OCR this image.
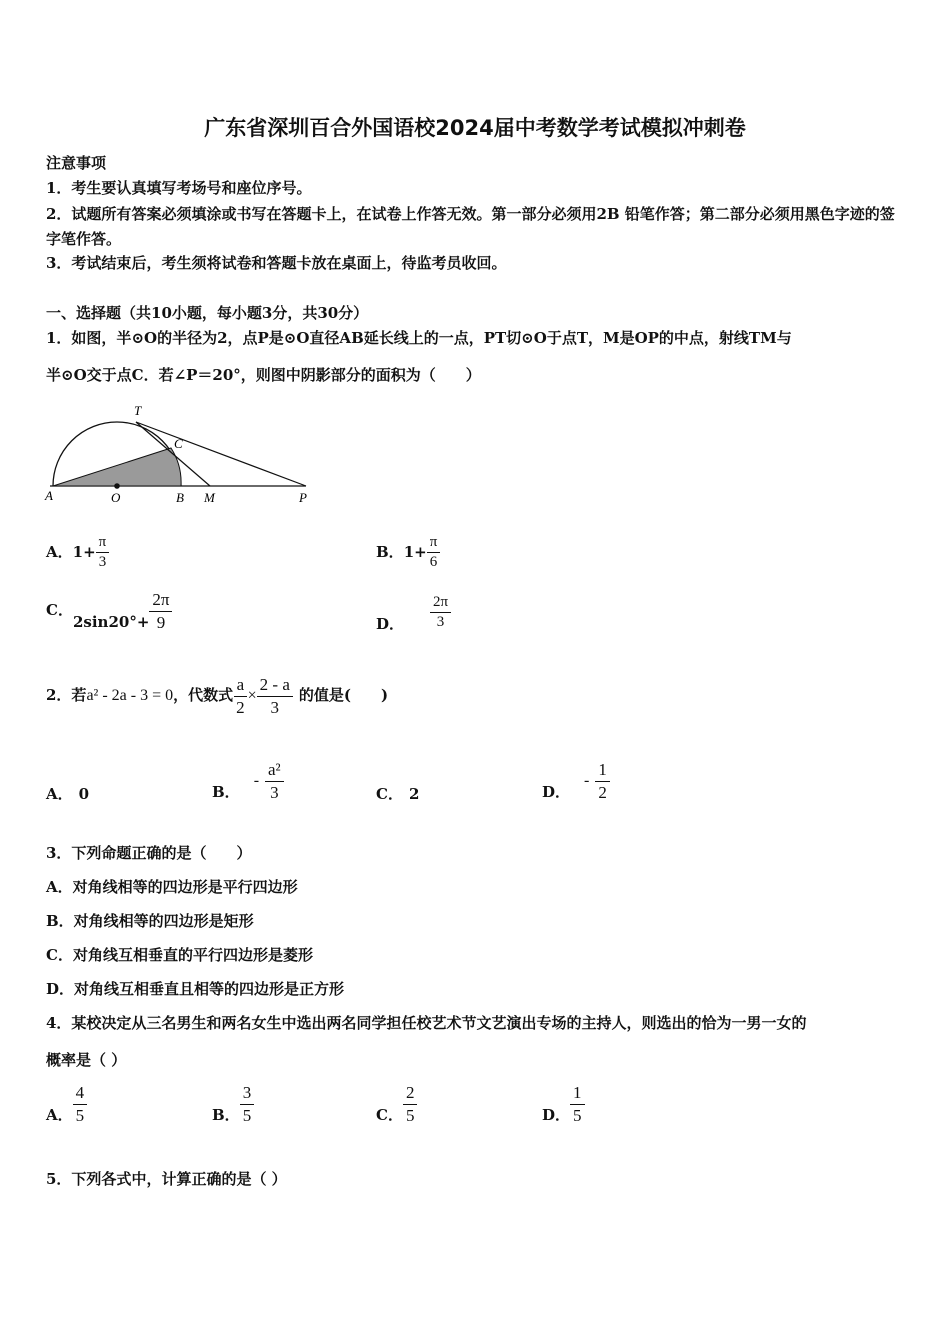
广东省深圳百合外国语校2024届中考数学考试模拟冲刺卷
注意事项
1．考生要认真填写考场号和座位序号。
2．试题所有答案必须填涂或书写在答题卡上，在试卷上作答无效。第一部分必须用2B 铅笔作答；第二部分必须用黑色字迹的签字笔作答。
3．考试结束后，考生须将试卷和答题卡放在桌面上，待监考员收回。
一、选择题（共10小题，每小题3分，共30分）
1．如图，半⊙O的半径为2，点P是⊙O直径AB延长线上的一点，PT切⊙O于点T，M是OP的中点，射线TM与
半⊙O交于点C．若∠P＝20°，则图中阴影部分的面积为（　　）
T
C
A	O	B M	P
A．$1+ \frac{\pi}{3}$	B．$1+ \frac{\pi}{6}$
C．$2\sin 20^\circ+ \frac{2\pi}{9}$	D． $\frac{2\pi}{3}$
2．若a² - 2a - 3 = 0，代数式 $\frac{a}{2} \times \frac{2 - a}{3}$ 的值是(　　)
A． 0	B．- $\frac{\text{a²}}{3}$	C． 2	D．- $\frac{1}{2}$
3．下列命题正确的是（　　）
A．对角线相等的四边形是平行四边形
B．对角线相等的四边形是矩形
C．对角线互相垂直的平行四边形是菱形
D．对角线互相垂直且相等的四边形是正方形
4．某校决定从三名男生和两名女生中选出两名同学担任校艺术节文艺演出专场的主持人，则选出的恰为一男一女的
概率是（ ）
A． $\frac{4}{5}$	B． $\frac{3}{5}$	C． $\frac{2}{5}$	D． $\frac{1}{5}$
5．下列各式中，计算正确的是（ ）
